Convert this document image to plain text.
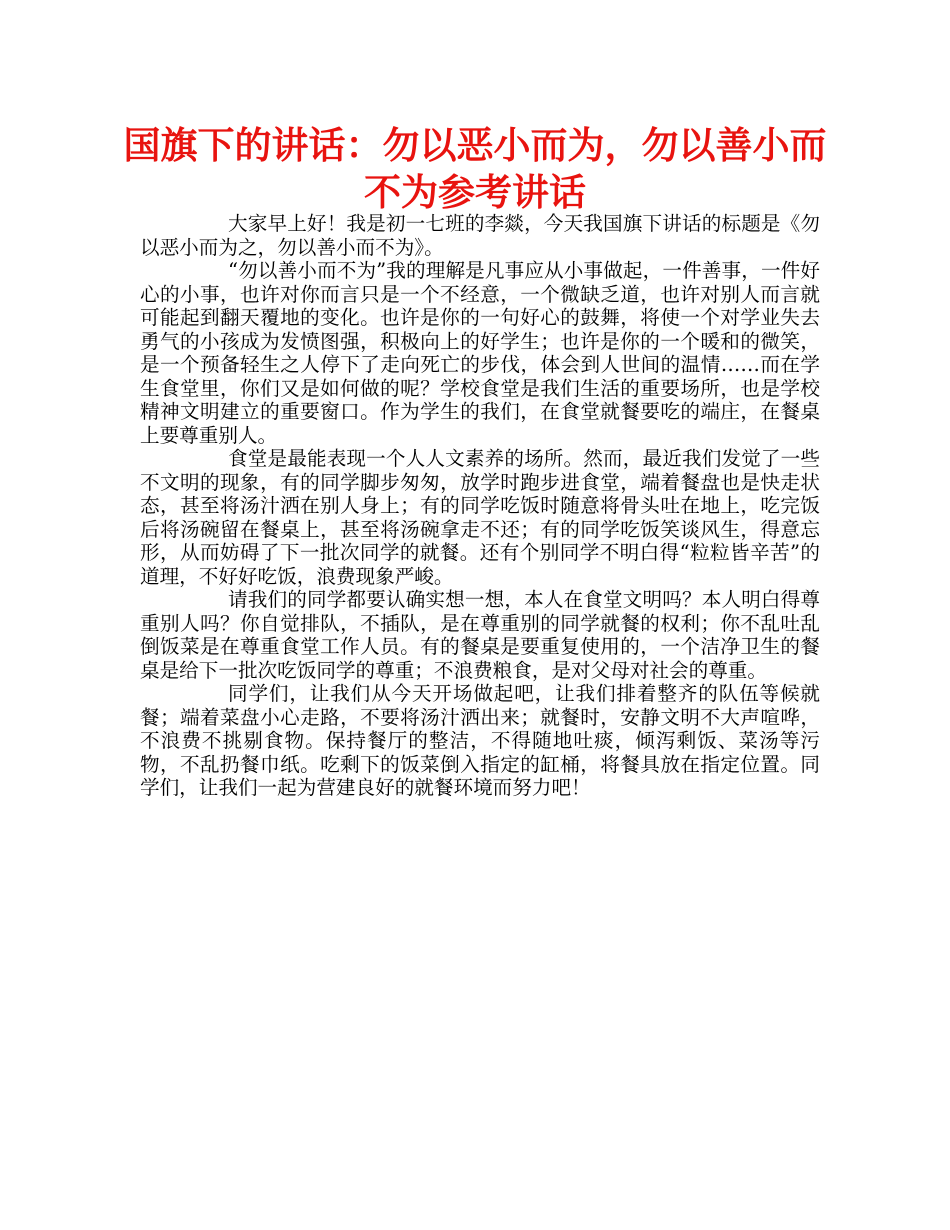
国旗下的讲话：勿以恶小而为，勿以善小而不为参考讲话

大家早上好！我是初一七班的李燚，今天我国旗下讲话的标题是《勿以恶小而为之，勿以善小而不为》。

“勿以善小而不为”我的理解是凡事应从小事做起，一件善事，一件好心的小事，也许对你而言只是一个不经意，一个微缺乏道，也许对别人而言就可能起到翻天覆地的变化。也许是你的一句好心的鼓舞，将使一个对学业失去勇气的小孩成为发愤图强，积极向上的好学生；也许是你的一个暖和的微笑，是一个预备轻生之人停下了走向死亡的步伐，体会到人世间的温情……而在学生食堂里，你们又是如何做的呢？学校食堂是我们生活的重要场所，也是学校精神文明建立的重要窗口。作为学生的我们，在食堂就餐要吃的端庄，在餐桌上要尊重别人。

食堂是最能表现一个人人文素养的场所。然而，最近我们发觉了一些不文明的现象，有的同学脚步匆匆，放学时跑步进食堂，端着餐盘也是快走状态，甚至将汤汁洒在别人身上；有的同学吃饭时随意将骨头吐在地上，吃完饭后将汤碗留在餐桌上，甚至将汤碗拿走不还；有的同学吃饭笑谈风生，得意忘形，从而妨碍了下一批次同学的就餐。还有个别同学不明白得“粒粒皆辛苦”的道理，不好好吃饭，浪费现象严峻。

请我们的同学都要认确实想一想，本人在食堂文明吗？本人明白得尊重别人吗？你自觉排队，不插队，是在尊重别的同学就餐的权利；你不乱吐乱倒饭菜是在尊重食堂工作人员。有的餐桌是要重复使用的，一个洁净卫生的餐桌是给下一批次吃饭同学的尊重；不浪费粮食，是对父母对社会的尊重。

同学们，让我们从今天开场做起吧，让我们排着整齐的队伍等候就餐；端着菜盘小心走路，不要将汤汁洒出来；就餐时，安静文明不大声喧哗，不浪费不挑剔食物。保持餐厅的整洁，不得随地吐痰，倾泻剩饭、菜汤等污物，不乱扔餐巾纸。吃剩下的饭菜倒入指定的缸桶，将餐具放在指定位置。同学们，让我们一起为营建良好的就餐环境而努力吧！
